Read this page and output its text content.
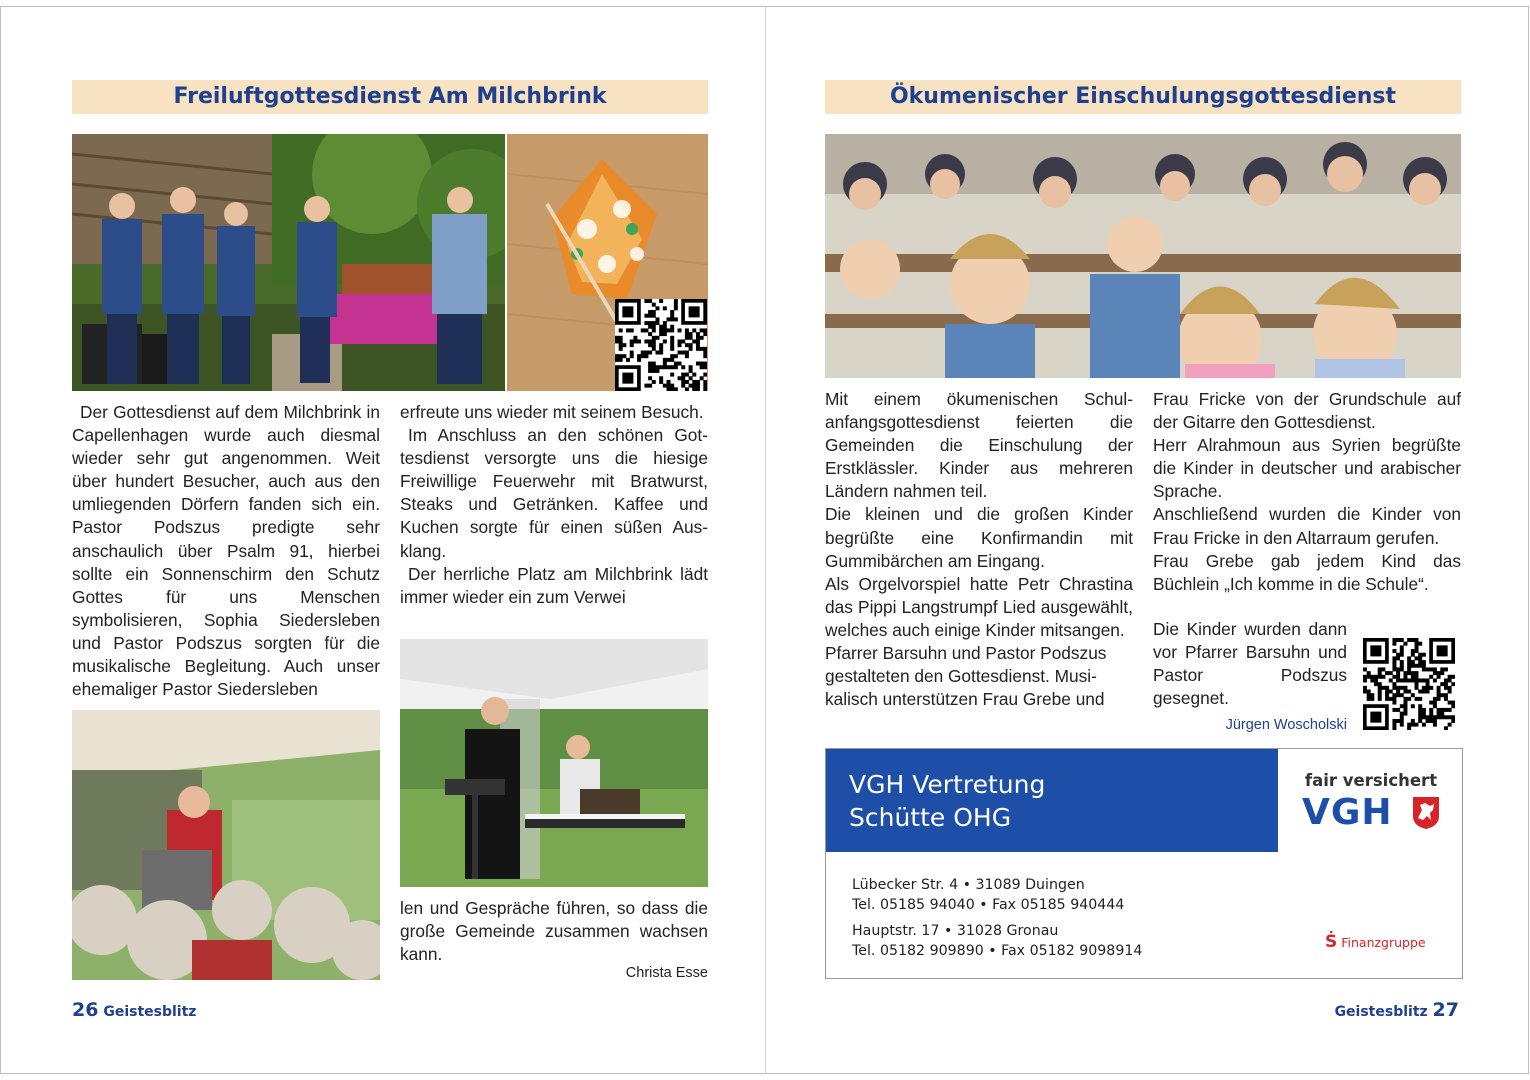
Freiluftgottesdienst Am Milchbrink

Der Gottesdienst auf dem Milchbrink in Capellenhagen wurde auch diesmal wieder sehr gut angenommen. Weit über hundert Besucher, auch aus den umliegenden Dörfern fanden sich ein. Pastor Podszus predigte sehr anschaulich über Psalm 91, hierbei sollte ein Sonnenschirm den Schutz Gottes für uns Menschen symbolisieren, Sophia Siedersleben und Pastor Podszus sorgten für die musikalische Begleitung. Auch unser ehemaliger Pastor Siedersleben

erfreute uns wieder mit seinem Besuch.

Im Anschluss an den schönen Gottesdienst versorgte uns die hiesige Freiwillige Feuerwehr mit Bratwurst, Steaks und Getränken. Kaffee und Kuchen sorgte für einen süßen Ausklang.

Der herrliche Platz am Milchbrink lädt immer wieder ein zum Verwei

len und Gespräche führen, so dass die große Gemeinde zusammen wachsen kann.

Christa Esse
26 Geistesblitz
Ökumenischer Einschulungsgottesdienst

Mit einem ökumenischen Schulanfangsgottesdienst feierten die Gemeinden die Einschulung der Erstklässler. Kinder aus mehreren Ländern nahmen teil.

Die kleinen und die großen Kinder begrüßte eine Konfirmandin mit Gummibärchen am Eingang.

Als Orgelvorspiel hatte Petr Chrastina das Pippi Langstrumpf Lied ausgewählt, welches auch einige Kinder mitsangen.

Pfarrer Barsuhn und Pastor Podszus gestalteten den Gottesdienst. Musikalisch unterstützen Frau Grebe und

Frau Fricke von der Grundschule auf der Gitarre den Gottesdienst.

Herr Alrahmoun aus Syrien begrüßte die Kinder in deutscher und arabischer Sprache.

Anschließend wurden die Kinder von Frau Fricke in den Altarraum gerufen.

Frau Grebe gab jedem Kind das Büchlein „Ich komme in die Schule“.

Die Kinder wurden dann vor Pfarrer Barsuhn und Pastor Podszus gesegnet.

Jürgen Woscholski
VGH Vertretung
Schütte OHG
fair versichert
VGH
Lübecker Str. 4 • 31089 Duingen
Tel. 05185 94040 • Fax 05185 940444
Hauptstr. 17 • 31028 Gronau
Tel. 05182 909890 • Fax 05182 9098914	Ṡ Finanzgruppe
Geistesblitz 27
